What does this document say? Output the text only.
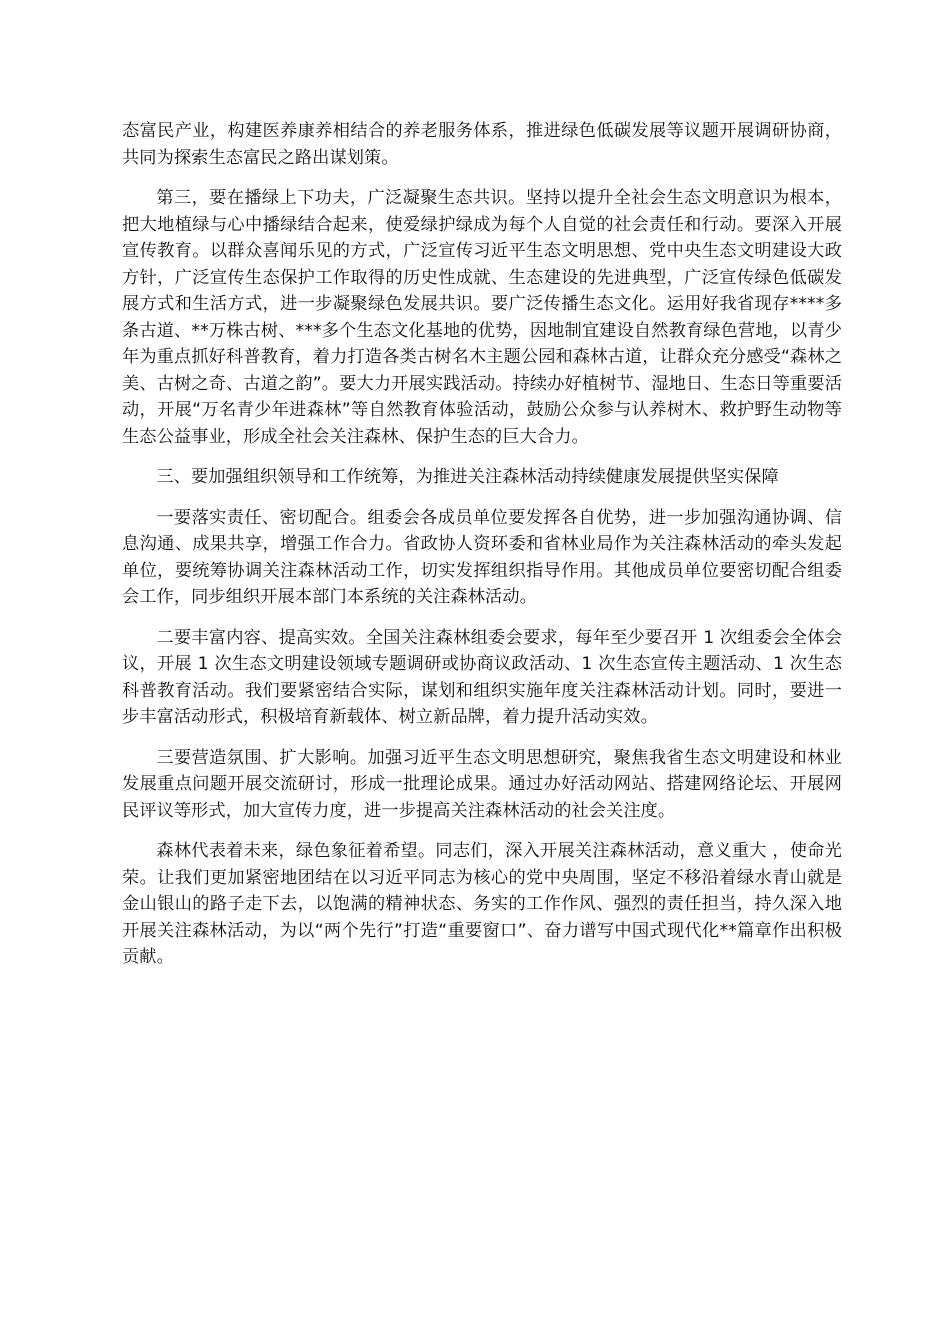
态富民产业，构建医养康养相结合的养老服务体系，推进绿色低碳发展等议题开展调研协商，共同为探索生态富民之路出谋划策。

第三，要在播绿上下功夫，广泛凝聚生态共识。坚持以提升全社会生态文明意识为根本，把大地植绿与心中播绿结合起来，使爱绿护绿成为每个人自觉的社会责任和行动。要深入开展宣传教育。以群众喜闻乐见的方式，广泛宣传习近平生态文明思想、党中央生态文明建设大政方针，广泛宣传生态保护工作取得的历史性成就、生态建设的先进典型，广泛宣传绿色低碳发展方式和生活方式，进一步凝聚绿色发展共识。要广泛传播生态文化。运用好我省现存****多条古道、**万株古树、***多个生态文化基地的优势，因地制宜建设自然教育绿色营地，以青少年为重点抓好科普教育，着力打造各类古树名木主题公园和森林古道，让群众充分感受“森林之美、古树之奇、古道之韵”。要大力开展实践活动。持续办好植树节、湿地日、生态日等重要活动，开展“万名青少年进森林”等自然教育体验活动，鼓励公众参与认养树木、救护野生动物等生态公益事业，形成全社会关注森林、保护生态的巨大合力。

三、要加强组织领导和工作统筹，为推进关注森林活动持续健康发展提供坚实保障

一要落实责任、密切配合。组委会各成员单位要发挥各自优势，进一步加强沟通协调、信息沟通、成果共享，增强工作合力。省政协人资环委和省林业局作为关注森林活动的牵头发起单位，要统筹协调关注森林活动工作，切实发挥组织指导作用。其他成员单位要密切配合组委会工作，同步组织开展本部门本系统的关注森林活动。

二要丰富内容、提高实效。全国关注森林组委会要求，每年至少要召开 1 次组委会全体会议，开展 1 次生态文明建设领域专题调研或协商议政活动、1 次生态宣传主题活动、1 次生态科普教育活动。我们要紧密结合实际，谋划和组织实施年度关注森林活动计划。同时，要进一步丰富活动形式，积极培育新载体、树立新品牌，着力提升活动实效。

三要营造氛围、扩大影响。加强习近平生态文明思想研究，聚焦我省生态文明建设和林业发展重点问题开展交流研讨，形成一批理论成果。通过办好活动网站、搭建网络论坛、开展网民评议等形式，加大宣传力度，进一步提高关注森林活动的社会关注度。

森林代表着未来，绿色象征着希望。同志们，深入开展关注森林活动，意义重大 ，使命光荣。让我们更加紧密地团结在以习近平同志为核心的党中央周围，坚定不移沿着绿水青山就是金山银山的路子走下去，以饱满的精神状态、务实的工作作风、强烈的责任担当，持久深入地开展关注森林活动，为以“两个先行”打造“重要窗口”、奋力谱写中国式现代化**篇章作出积极贡献。
